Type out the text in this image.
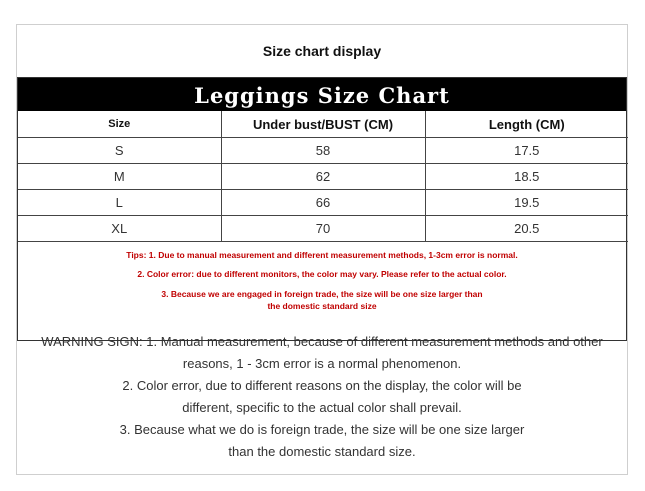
Size chart display
Leggings Size Chart
Size	Under bust/BUST (CM)	Length (CM)
S	58	17.5
M	62	18.5
L	66	19.5
XL	70	20.5
Tips: 1. Due to manual measurement and different measurement methods, 1-3cm error is normal.
2. Color error: due to different monitors, the color may vary. Please refer to the actual color.
3. Because we are engaged in foreign trade, the size will be one size larger than the domestic standard size
WARNING SIGN: 1. Manual measurement, because of different measurement methods and other
reasons, 1 - 3cm error is a normal phenomenon.
2. Color error, due to different reasons on the display, the color will be
different, specific to the actual color shall prevail.
3. Because what we do is foreign trade, the size will be one size larger
than the domestic standard size.
